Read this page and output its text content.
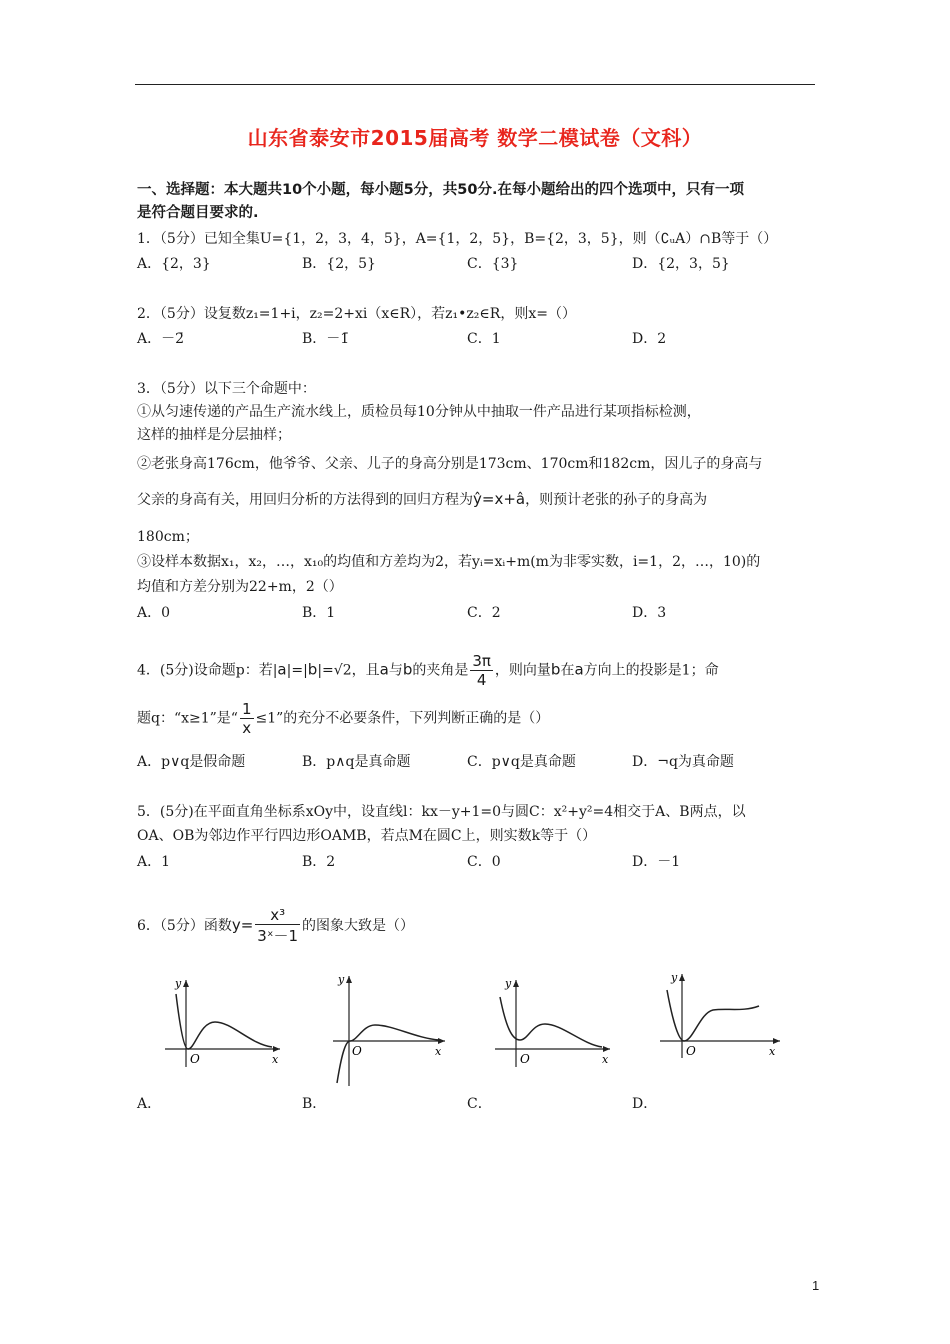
山东省泰安市2015届高考 数学二模试卷（文科）
一、选择题：本大题共10个小题，每小题5分，共50分.在每小题给出的四个选项中，只有一项
是符合题目要求的.
1．（5分）已知全集U={1，2，3，4，5}，A={1，2，5}，B={2，3，5}，则（∁ᵤA）∩B等于（）
A．{2，3}	B．{2，5}	C．{3}	D．{2，3，5}
2．（5分）设复数z₁=1+i，z₂=2+xi（x∈R），若z₁•z₂∈R，则x=（）
A．－2̄	B．－1̄	C．1	D．2
3．（5分）以下三个命题中：
①从匀速传递的产品生产流水线上，质检员每10分钟从中抽取一件产品进行某项指标检测，
这样的抽样是分层抽样；
②老张身高176cm，他爷爷、父亲、儿子的身高分别是173cm、170cm和182cm，因儿子的身高与
父亲的身高有关，用回归分析的方法得到的回归方程为ŷ=x+â，则预计老张的孙子的身高为
180cm；
③设样本数据x₁，x₂，…，x₁₀的均值和方差均为2，若yᵢ=xᵢ+m(m为非零实数，i=1，2，…，10)的
均值和方差分别为22+m，2（）
A．0	B．1	C．2	D．3
4．(5分)设命题p：若|a|=|b|=√2，且a与b的夹角是 $\frac{3\pi}{4}$ ，则向量b在a方向上的投影是1；命
题q：“x≥1”是“ $\frac{1}{x} \le 1$”的充分不必要条件，下列判断正确的是（）
A．p∨q是假命题	B．p∧q是真命题	C．p∨q是真命题	D．¬q为真命题
5．(5分)在平面直角坐标系xOy中，设直线l：kx－y+1=0与圆C：x²+y²=4相交于A、B两点，以
OA、OB为邻边作平行四边形OAMB，若点M在圆C上，则实数k等于（）
A．1	B．2	C．0	D．－1
6．（5分）函数$y= \frac{\text{x³}}{\text{3ˣ－1}}$ 的图象大致是（）
y
x
O
y
x
O
y
x
O
y
x
O
A．	B．	C．	D．
1
